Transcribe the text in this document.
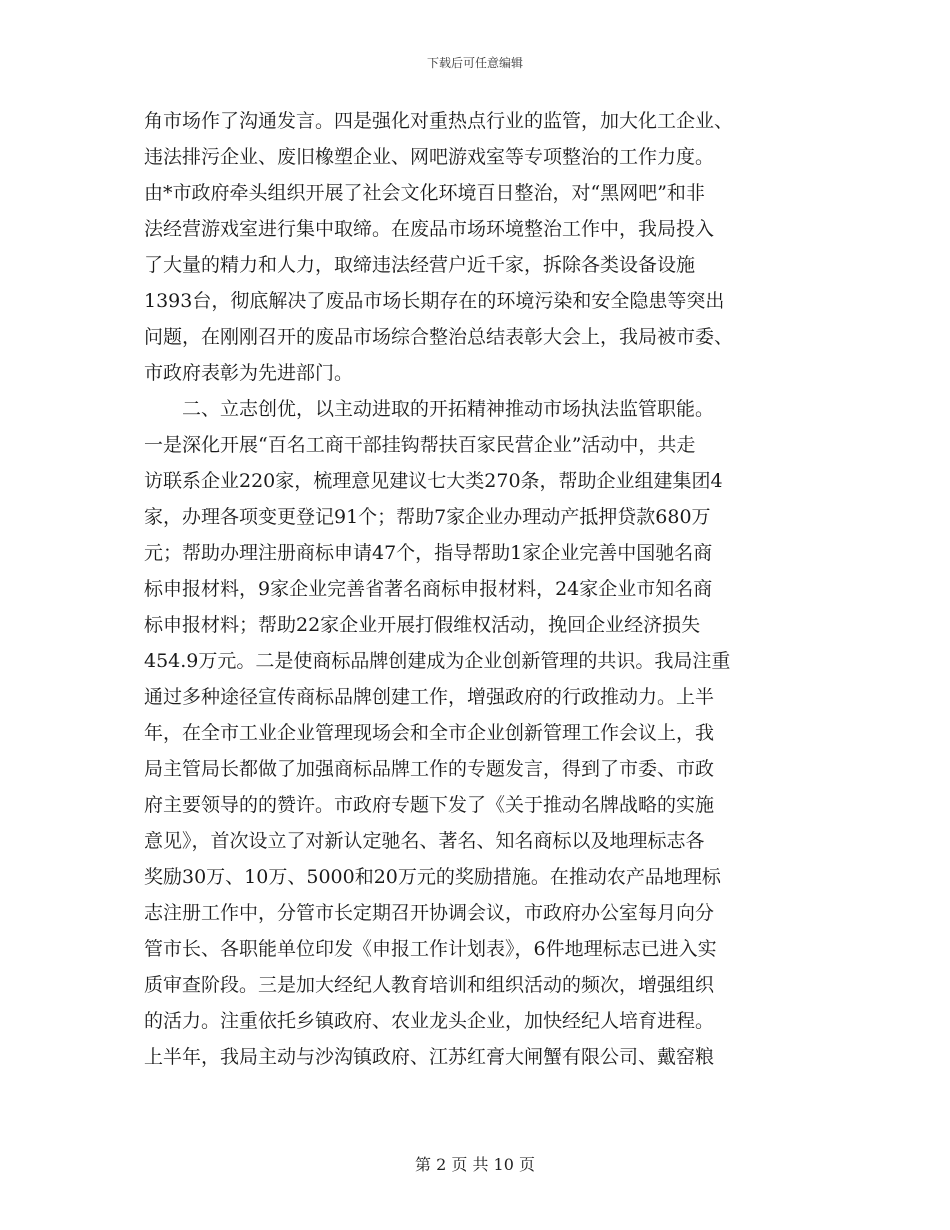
下载后可任意编辑
角市场作了沟通发言。四是强化对重热点行业的监管，加大化工企业、
违法排污企业、废旧橡塑企业、网吧游戏室等专项整治的工作力度。
由*市政府牵头组织开展了社会文化环境百日整治，对“黑网吧”和非
法经营游戏室进行集中取缔。在废品市场环境整治工作中，我局投入
了大量的精力和人力，取缔违法经营户近千家，拆除各类设备设施
1393台，彻底解决了废品市场长期存在的环境污染和安全隐患等突出
问题，在刚刚召开的废品市场综合整治总结表彰大会上，我局被市委、
市政府表彰为先进部门。
　　二、立志创优，以主动进取的开拓精神推动市场执法监管职能。
一是深化开展“百名工商干部挂钩帮扶百家民营企业”活动中，共走
访联系企业220家，梳理意见建议七大类270条，帮助企业组建集团4
家，办理各项变更登记91个；帮助7家企业办理动产抵押贷款680万
元；帮助办理注册商标申请47个，指导帮助1家企业完善中国驰名商
标申报材料，9家企业完善省著名商标申报材料，24家企业市知名商
标申报材料；帮助22家企业开展打假维权活动，挽回企业经济损失
454.9万元。二是使商标品牌创建成为企业创新管理的共识。我局注重
通过多种途径宣传商标品牌创建工作，增强政府的行政推动力。上半
年，在全市工业企业管理现场会和全市企业创新管理工作会议上，我
局主管局长都做了加强商标品牌工作的专题发言，得到了市委、市政
府主要领导的的赞许。市政府专题下发了《关于推动名牌战略的实施
意见》，首次设立了对新认定驰名、著名、知名商标以及地理标志各
奖励30万、10万、5000和20万元的奖励措施。在推动农产品地理标
志注册工作中，分管市长定期召开协调会议，市政府办公室每月向分
管市长、各职能单位印发《申报工作计划表》，6件地理标志已进入实
质审查阶段。三是加大经纪人教育培训和组织活动的频次，增强组织
的活力。注重依托乡镇政府、农业龙头企业，加快经纪人培育进程。
上半年，我局主动与沙沟镇政府、江苏红膏大闸蟹有限公司、戴窑粮
第 2 页 共 10 页
